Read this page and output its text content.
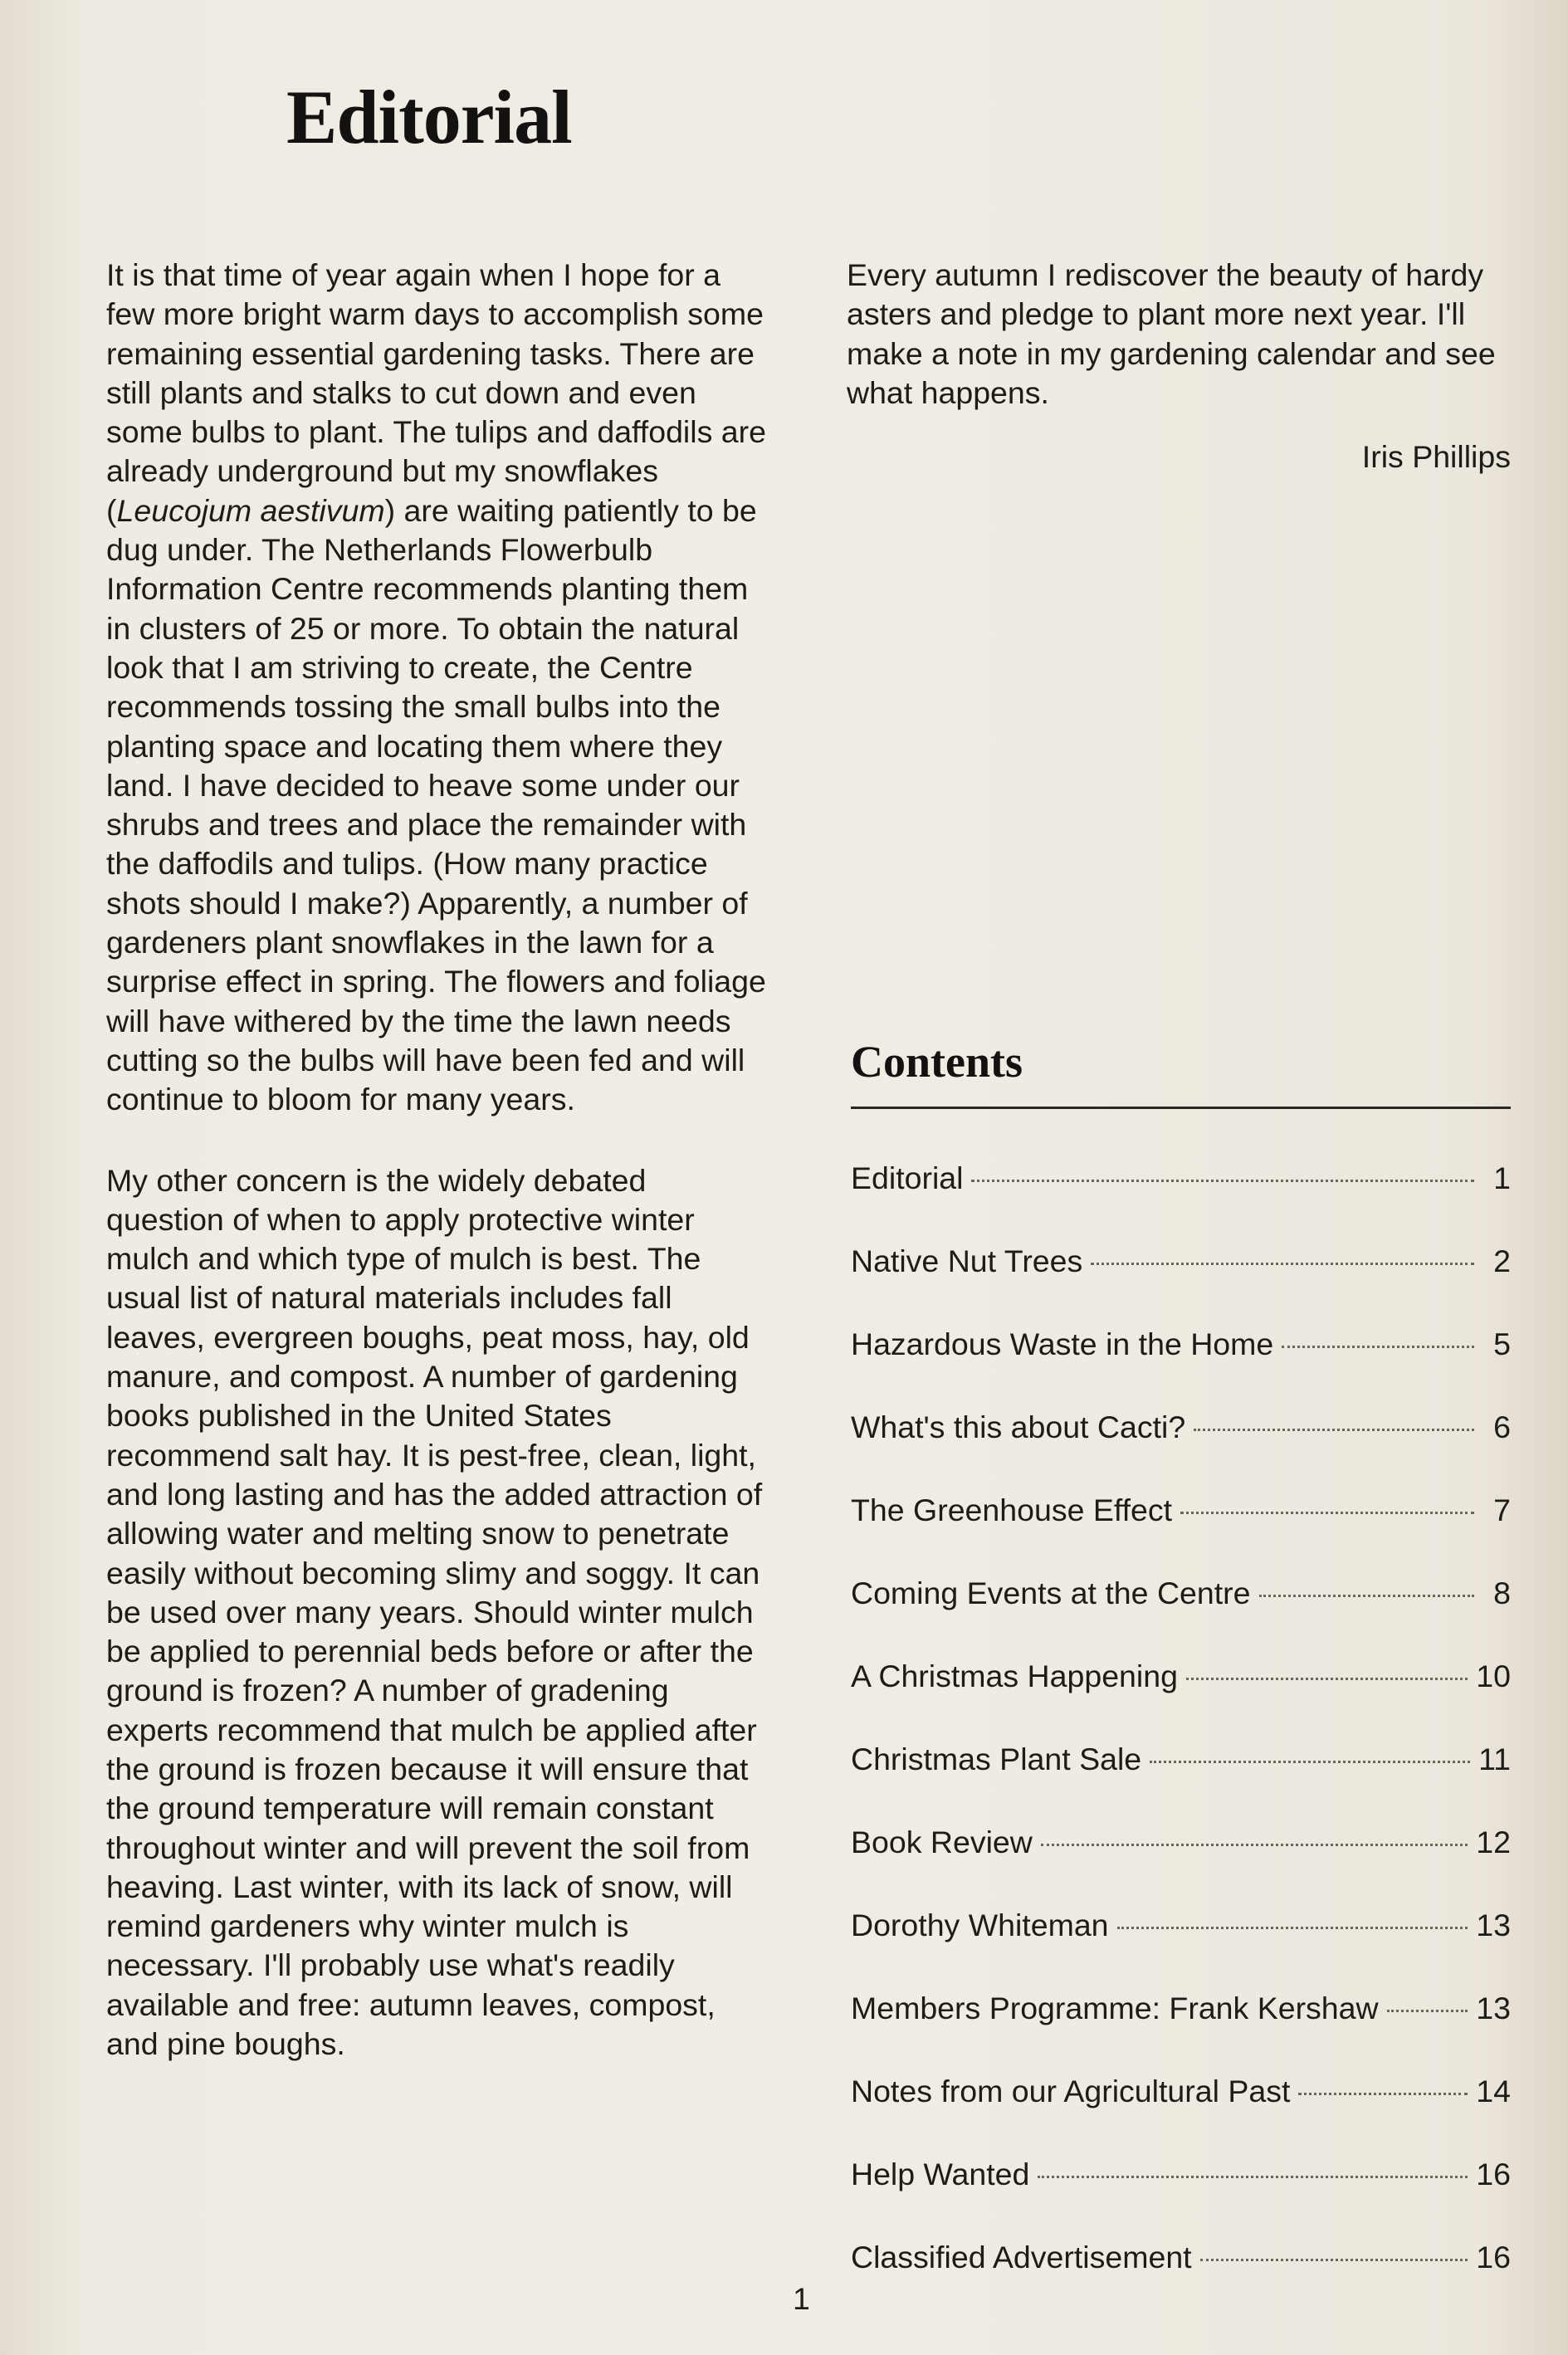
Editorial

It is that time of year again when I hope for a few more bright warm days to accomplish some remaining essential gardening tasks. There are still plants and stalks to cut down and even some bulbs to plant. The tulips and daffodils are already underground but my snowflakes (Leucojum aestivum) are waiting patiently to be dug under. The Netherlands Flowerbulb Information Centre recommends planting them in clusters of 25 or more. To obtain the natural look that I am striving to create, the Centre recommends tossing the small bulbs into the planting space and locating them where they land. I have decided to heave some under our shrubs and trees and place the remainder with the daffodils and tulips. (How many practice shots should I make?) Apparently, a number of gardeners plant snowflakes in the lawn for a surprise effect in spring. The flowers and foliage will have withered by the time the lawn needs cutting so the bulbs will have been fed and will continue to bloom for many years.

My other concern is the widely debated question of when to apply protective winter mulch and which type of mulch is best. The usual list of natural materials includes fall leaves, evergreen boughs, peat moss, hay, old manure, and compost. A number of gardening books published in the United States recommend salt hay. It is pest-free, clean, light, and long lasting and has the added attraction of allowing water and melting snow to penetrate easily without becoming slimy and soggy. It can be used over many years. Should winter mulch be applied to perennial beds before or after the ground is frozen? A number of gradening experts recommend that mulch be applied after the ground is frozen because it will ensure that the ground temperature will remain constant throughout winter and will prevent the soil from heaving. Last winter, with its lack of snow, will remind gardeners why winter mulch is necessary. I'll probably use what's readily available and free: autumn leaves, compost, and pine boughs.

Every autumn I rediscover the beauty of hardy asters and pledge to plant more next year. I'll make a note in my gardening calendar and see what happens.

Iris Phillips

Contents
Editorial	1
Native Nut Trees	2
Hazardous Waste in the Home	5
What's this about Cacti?	6
The Greenhouse Effect	7
Coming Events at the Centre	8
A Christmas Happening	10
Christmas Plant Sale	11
Book Review	12
Dorothy Whiteman	13
Members Programme: Frank Kershaw	13
Notes from our Agricultural Past	14
Help Wanted	16
Classified Advertisement	16
1
